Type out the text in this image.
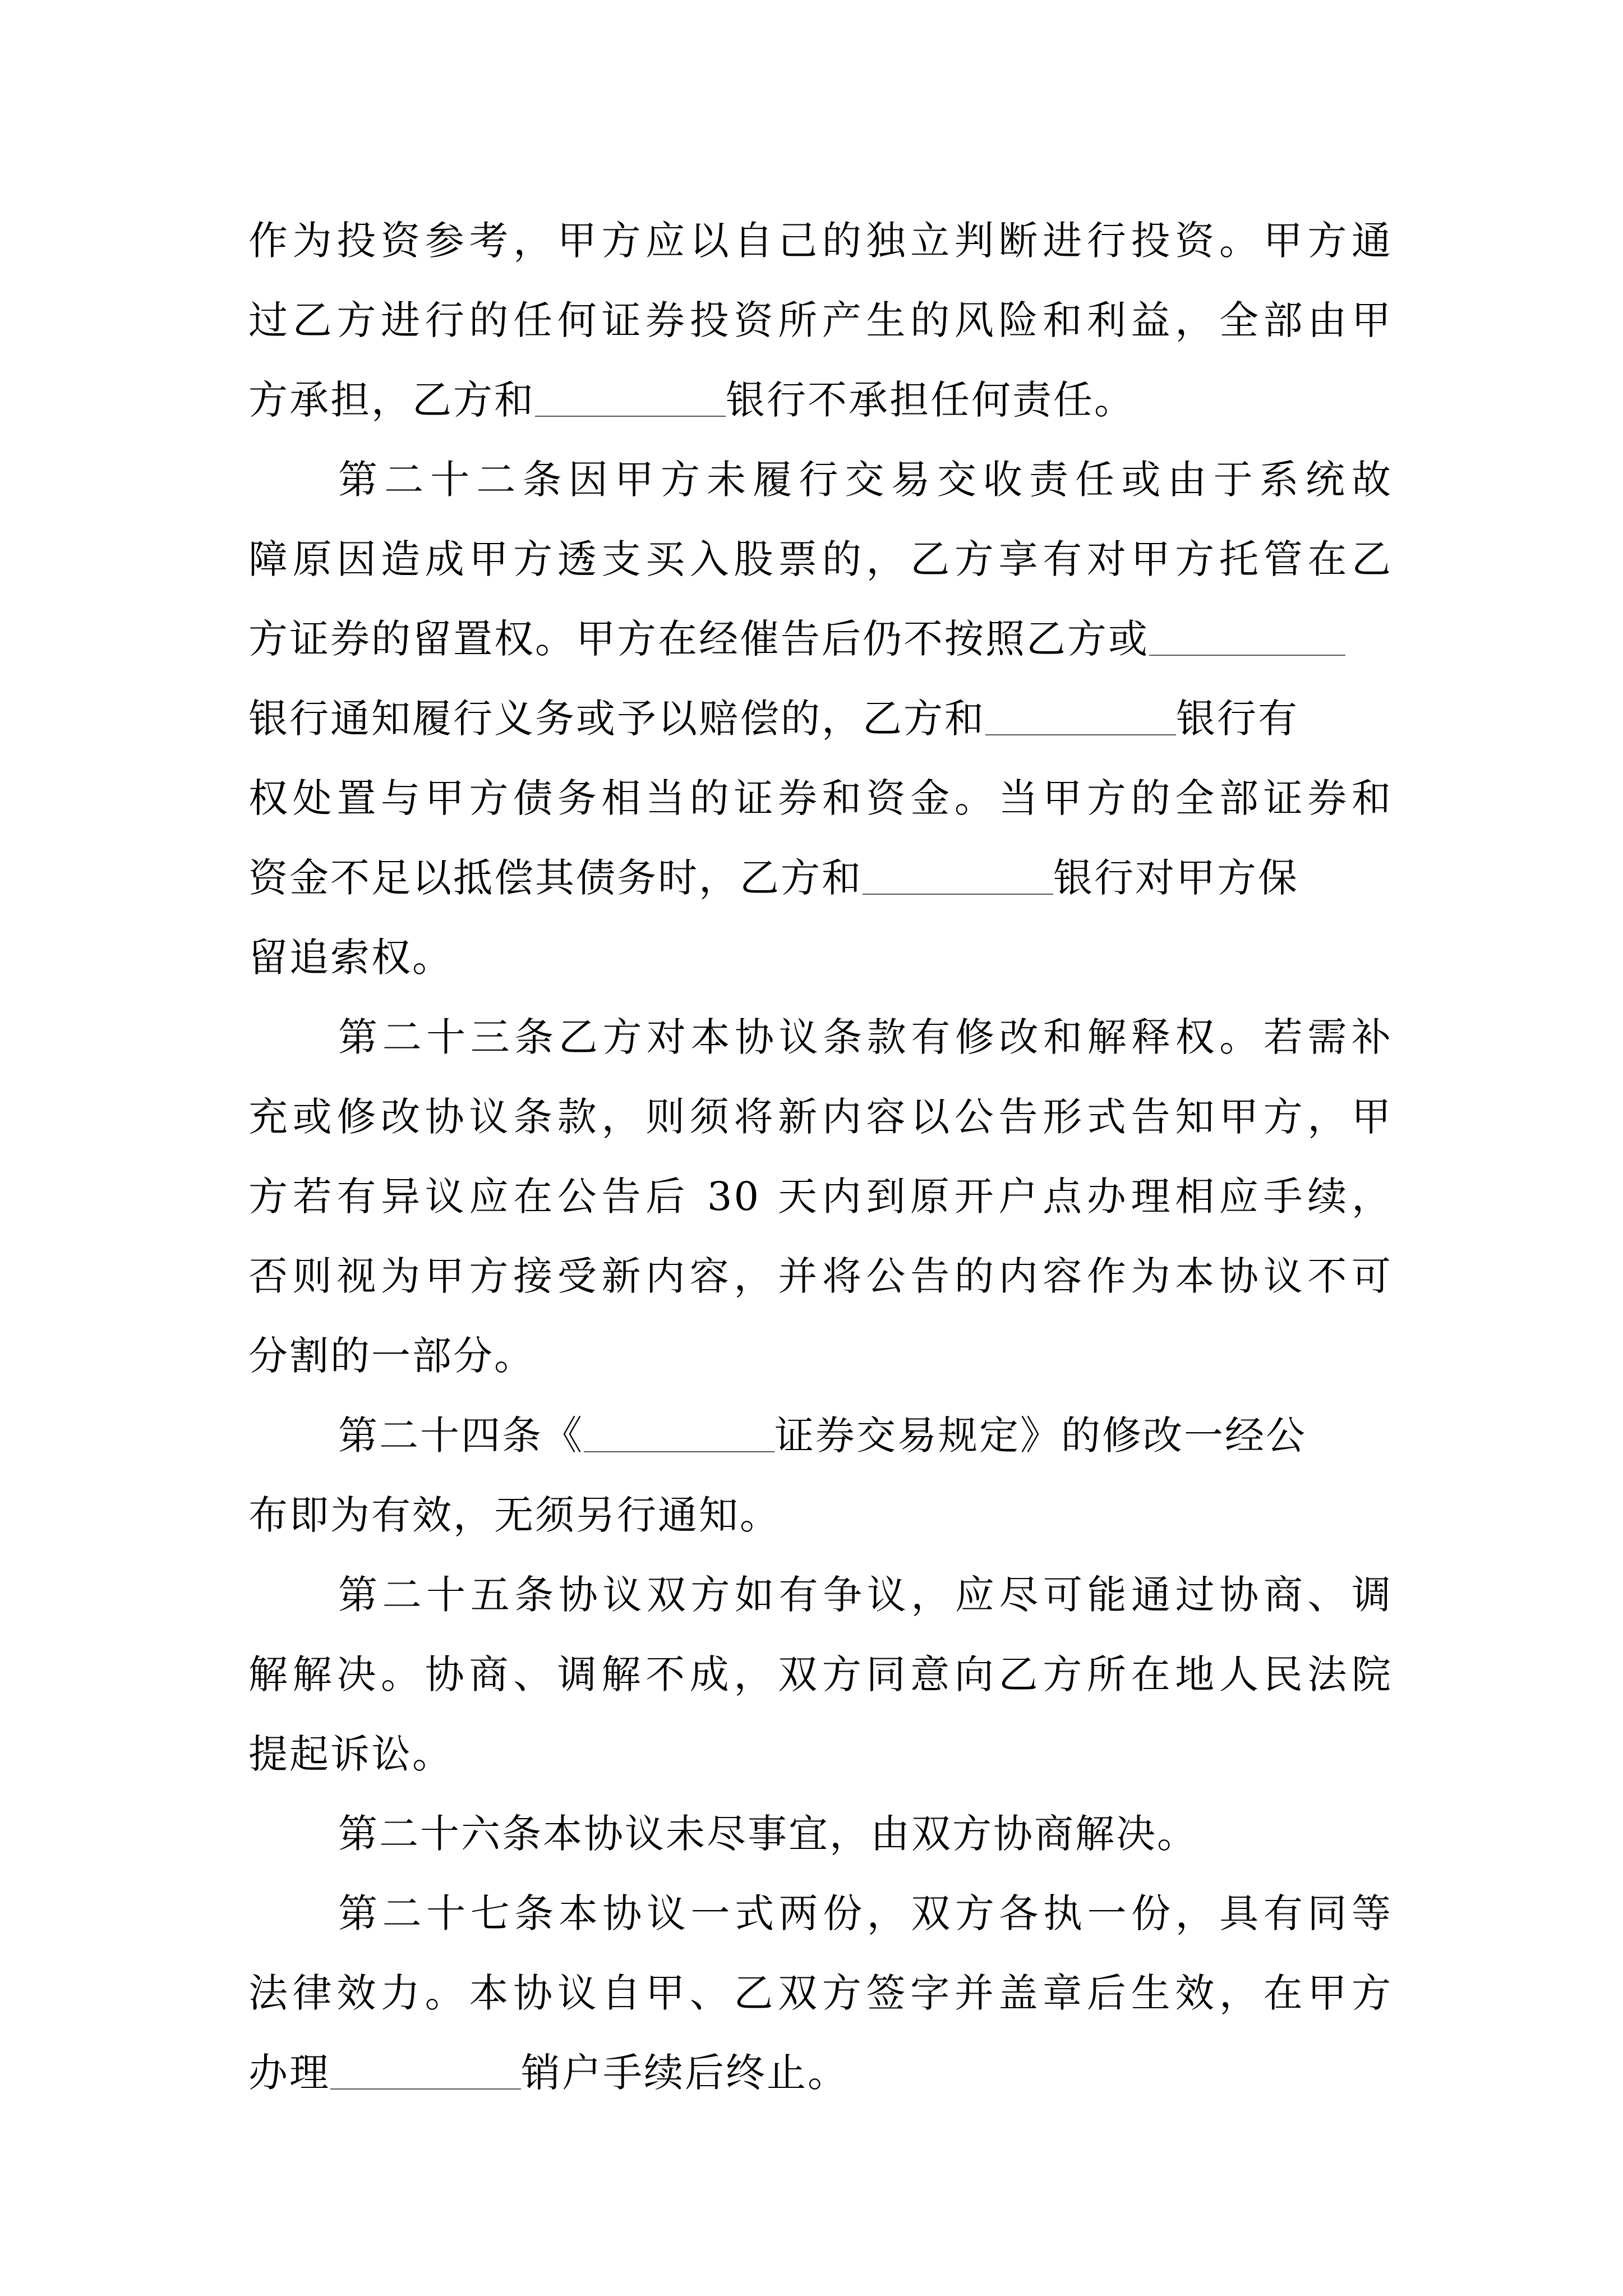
作为投资参考，甲方应以自己的独立判断进行投资。甲方通
过乙方进行的任何证券投资所产生的风险和利益，全部由甲
方承担，乙方和	银行不承担任何责任。
第二十二条因甲方未履行交易交收责任或由于系统故
障原因造成甲方透支买入股票的，乙方享有对甲方托管在乙
方证券的留置权。甲方在经催告后仍不按照乙方或
银行通知履行义务或予以赔偿的，乙方和	银行有
权处置与甲方债务相当的证券和资金。当甲方的全部证券和
资金不足以抵偿其债务时，乙方和	银行对甲方保
留追索权。
第二十三条乙方对本协议条款有修改和解释权。若需补
充或修改协议条款，则须将新内容以公告形式告知甲方，甲
方若有异议应在公告后 30 天内到原开户点办理相应手续，
否则视为甲方接受新内容，并将公告的内容作为本协议不可
分割的一部分。
第二十四条《	证券交易规定》的修改一经公
布即为有效，无须另行通知。
第二十五条协议双方如有争议，应尽可能通过协商、调
解解决。协商、调解不成，双方同意向乙方所在地人民法院
提起诉讼。
第二十六条本协议未尽事宜，由双方协商解决。
第二十七条本协议一式两份，双方各执一份，具有同等
法律效力。本协议自甲、乙双方签字并盖章后生效，在甲方
办理	销户手续后终止。
